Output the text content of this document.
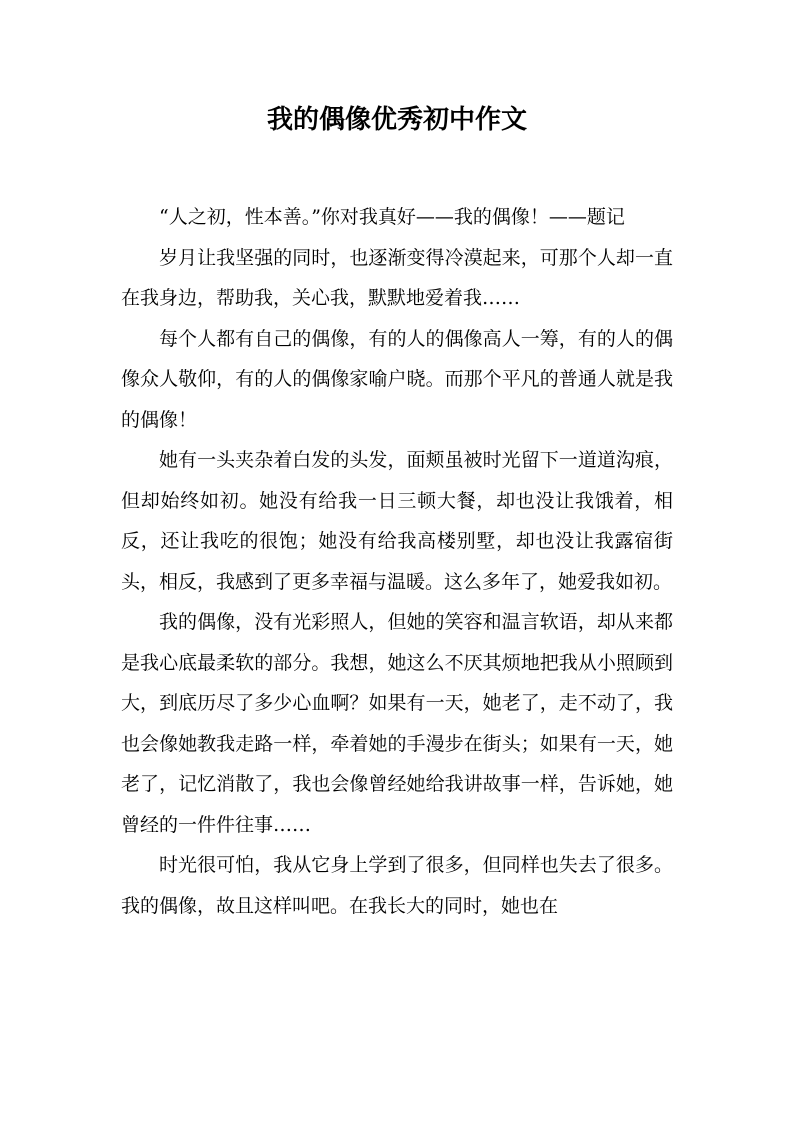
我的偶像优秀初中作文

“人之初，性本善。”你对我真好——我的偶像！——题记

岁月让我坚强的同时，也逐渐变得冷漠起来，可那个人却一直在我身边，帮助我，关心我，默默地爱着我……

每个人都有自己的偶像，有的人的偶像高人一筹，有的人的偶像众人敬仰，有的人的偶像家喻户晓。而那个平凡的普通人就是我的偶像！

她有一头夹杂着白发的头发，面颊虽被时光留下一道道沟痕，但却始终如初。她没有给我一日三顿大餐，却也没让我饿着，相反，还让我吃的很饱；她没有给我高楼别墅，却也没让我露宿街头，相反，我感到了更多幸福与温暖。这么多年了，她爱我如初。

我的偶像，没有光彩照人，但她的笑容和温言软语，却从来都是我心底最柔软的部分。我想，她这么不厌其烦地把我从小照顾到大，到底历尽了多少心血啊？如果有一天，她老了，走不动了，我也会像她教我走路一样，牵着她的手漫步在街头；如果有一天，她老了，记忆消散了，我也会像曾经她给我讲故事一样，告诉她，她曾经的一件件往事……

时光很可怕，我从它身上学到了很多，但同样也失去了很多。我的偶像，故且这样叫吧。在我长大的同时，她也在
